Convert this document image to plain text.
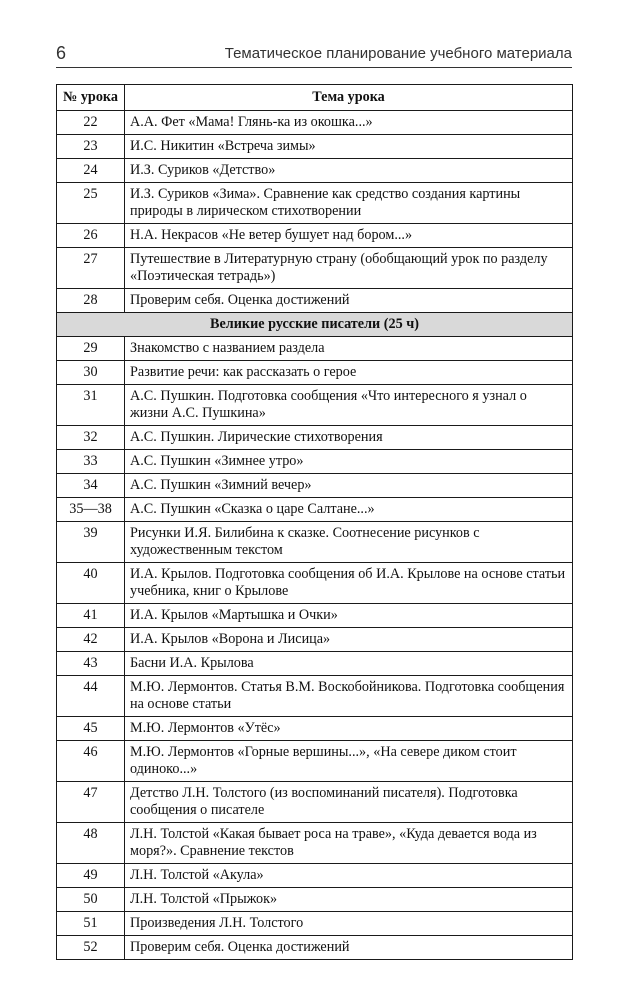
6	Тематическое планирование учебного материала
№ урока	Тема урока
22	А.А. Фет «Мама! Глянь-ка из окошка...»
23	И.С. Никитин «Встреча зимы»
24	И.З. Суриков «Детство»
25	И.З. Суриков «Зима». Сравнение как средство создания картины природы в лирическом стихотворении
26	Н.А. Некрасов «Не ветер бушует над бором...»
27	Путешествие в Литературную страну (обобщающий урок по разделу «Поэтическая тетрадь»)
28	Проверим себя. Оценка достижений
Великие русские писатели (25 ч)	
29	Знакомство с названием раздела
30	Развитие речи: как рассказать о герое
31	А.С. Пушкин. Подготовка сообщения «Что интересного я узнал о жизни А.С. Пушкина»
32	А.С. Пушкин. Лирические стихотворения
33	А.С. Пушкин «Зимнее утро»
34	А.С. Пушкин «Зимний вечер»
35—38	А.С. Пушкин «Сказка о царе Салтане...»
39	Рисунки И.Я. Билибина к сказке. Соотнесение рисунков с художественным текстом
40	И.А. Крылов. Подготовка сообщения об И.А. Крылове на основе статьи учебника, книг о Крылове
41	И.А. Крылов «Мартышка и Очки»
42	И.А. Крылов «Ворона и Лисица»
43	Басни И.А. Крылова
44	М.Ю. Лермонтов. Статья В.М. Воскобойникова. Подготовка сообщения на основе статьи
45	М.Ю. Лермонтов «Утёс»
46	М.Ю. Лермонтов «Горные вершины...», «На севере диком стоит одиноко...»
47	Детство Л.Н. Толстого (из воспоминаний писателя). Подготовка сообщения о писателе
48	Л.Н. Толстой «Какая бывает роса на траве», «Куда девается вода из моря?». Сравнение текстов
49	Л.Н. Толстой «Акула»
50	Л.Н. Толстой «Прыжок»
51	Произведения Л.Н. Толстого
52	Проверим себя. Оценка достижений
